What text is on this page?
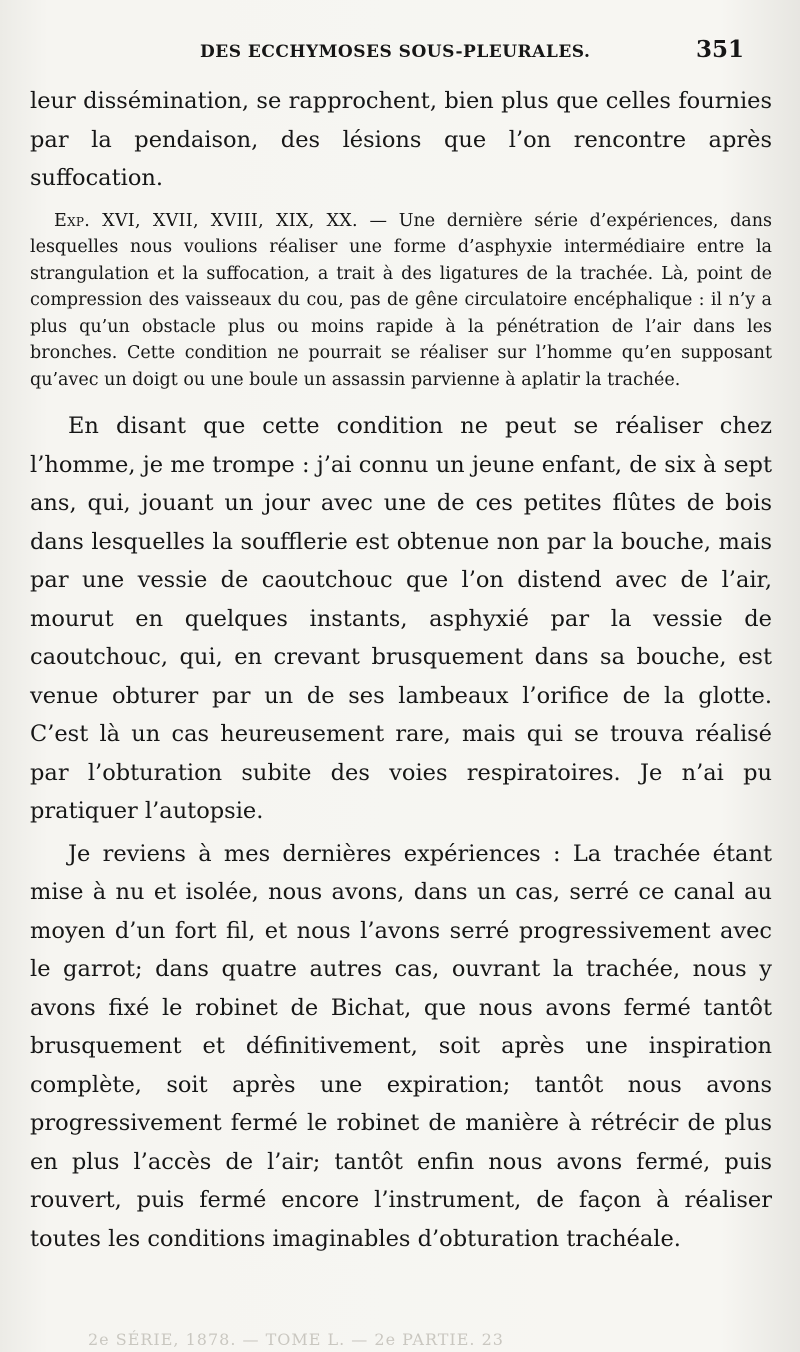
DES ECCHYMOSES SOUS-PLEURALES.	351

leur dissémination, se rapprochent, bien plus que celles fournies par la pendaison, des lésions que l’on rencontre après suffocation.

Exp. XVI, XVII, XVIII, XIX, XX. — Une dernière série d’expériences, dans lesquelles nous voulions réaliser une forme d’asphyxie intermédiaire entre la strangulation et la suffocation, a trait à des ligatures de la trachée. Là, point de compression des vaisseaux du cou, pas de gêne circulatoire encéphalique : il n’y a plus qu’un obstacle plus ou moins rapide à la pénétration de l’air dans les bronches. Cette condition ne pourrait se réaliser sur l’homme qu’en supposant qu’avec un doigt ou une boule un assassin parvienne à aplatir la trachée.

En disant que cette condition ne peut se réaliser chez l’homme, je me trompe : j’ai connu un jeune enfant, de six à sept ans, qui, jouant un jour avec une de ces petites flûtes de bois dans lesquelles la soufflerie est obtenue non par la bouche, mais par une vessie de caoutchouc que l’on distend avec de l’air, mourut en quelques instants, asphyxié par la vessie de caoutchouc, qui, en crevant brusquement dans sa bouche, est venue obturer par un de ses lambeaux l’orifice de la glotte. C’est là un cas heureusement rare, mais qui se trouva réalisé par l’obturation subite des voies respiratoires. Je n’ai pu pratiquer l’autopsie.

Je reviens à mes dernières expériences : La trachée étant mise à nu et isolée, nous avons, dans un cas, serré ce canal au moyen d’un fort fil, et nous l’avons serré progressivement avec le garrot; dans quatre autres cas, ouvrant la trachée, nous y avons fixé le robinet de Bichat, que nous avons fermé tantôt brusquement et définitivement, soit après une inspiration complète, soit après une expiration; tantôt nous avons progressivement fermé le robinet de manière à rétrécir de plus en plus l’accès de l’air; tantôt enfin nous avons fermé, puis rouvert, puis fermé encore l’instrument, de façon à réaliser toutes les conditions imaginables d’obturation trachéale.

2e SÉRIE, 1878. — TOME L. — 2e PARTIE. 23
